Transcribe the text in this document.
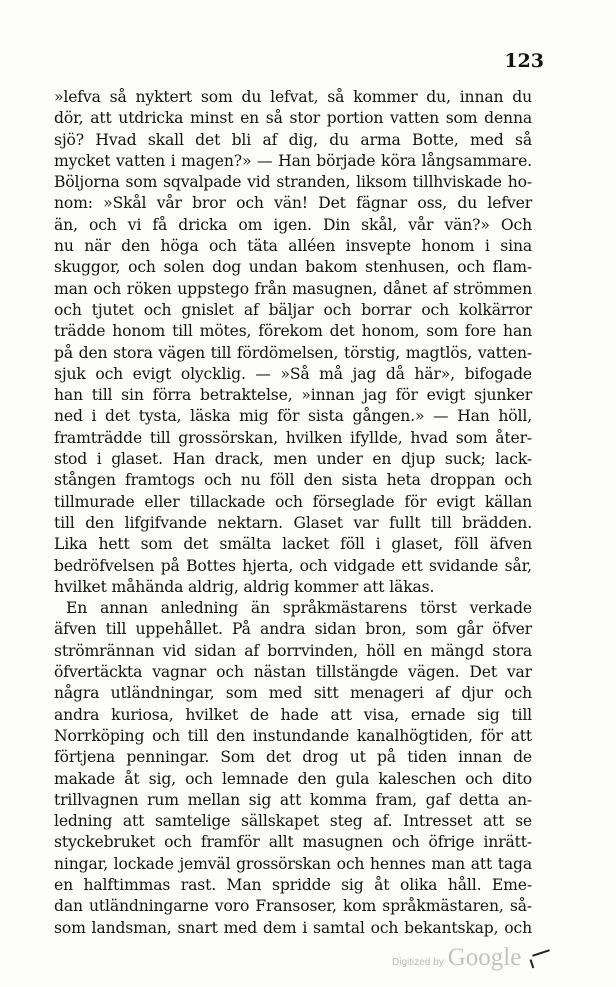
123
»lefva så nyktert som du lefvat, så kommer du, innan du
dör, att utdricka minst en så stor portion vatten som denna
sjö? Hvad skall det bli af dig, du arma Botte, med så
mycket vatten i magen?» — Han började köra långsammare.
Böljorna som sqvalpade vid stranden, liksom tillhviskade ho-
nom: »Skål vår bror och vän! Det fägnar oss, du lefver
än, och vi få dricka om igen. Din skål, vår vän?» Och
nu när den höga och täta alléen insvepte honom i sina
skuggor, och solen dog undan bakom stenhusen, och flam-
man och röken uppstego från masugnen, dånet af strömmen
och tjutet och gnislet af bäljar och borrar och kolkärror
trädde honom till mötes, förekom det honom, som fore han
på den stora vägen till fördömelsen, törstig, magtlös, vatten-
sjuk och evigt olycklig. — »Så må jag då här», bifogade
han till sin förra betraktelse, »innan jag för evigt sjunker
ned i det tysta, läska mig för sista gången.» — Han höll,
framträdde till grossörskan, hvilken ifyllde, hvad som åter-
stod i glaset. Han drack, men under en djup suck; lack-
stången framtogs och nu föll den sista heta droppan och
tillmurade eller tillackade och förseglade för evigt källan
till den lifgifvande nektarn. Glaset var fullt till brädden.
Lika hett som det smälta lacket föll i glaset, föll äfven
bedröfvelsen på Bottes hjerta, och vidgade ett svidande sår,
hvilket måhända aldrig, aldrig kommer att läkas.
En annan anledning än språkmästarens törst verkade
äfven till uppehållet. På andra sidan bron, som går öfver
strömrännan vid sidan af borrvinden, höll en mängd stora
öfvertäckta vagnar och nästan tillstängde vägen. Det var
några utländningar, som med sitt menageri af djur och
andra kuriosa, hvilket de hade att visa, ernade sig till
Norrköping och till den instundande kanalhögtiden, för att
förtjena penningar. Som det drog ut på tiden innan de
makade åt sig, och lemnade den gula kaleschen och dito
trillvagnen rum mellan sig att komma fram, gaf detta an-
ledning att samtelige sällskapet steg af. Intresset att se
styckebruket och framför allt masugnen och öfrige inrätt-
ningar, lockade jemväl grossörskan och hennes man att taga
en halftimmas rast. Man spridde sig åt olika håll. Eme-
dan utländningarne voro Fransoser, kom språkmästaren, så-
som landsman, snart med dem i samtal och bekantskap, och
Digitized by Google
